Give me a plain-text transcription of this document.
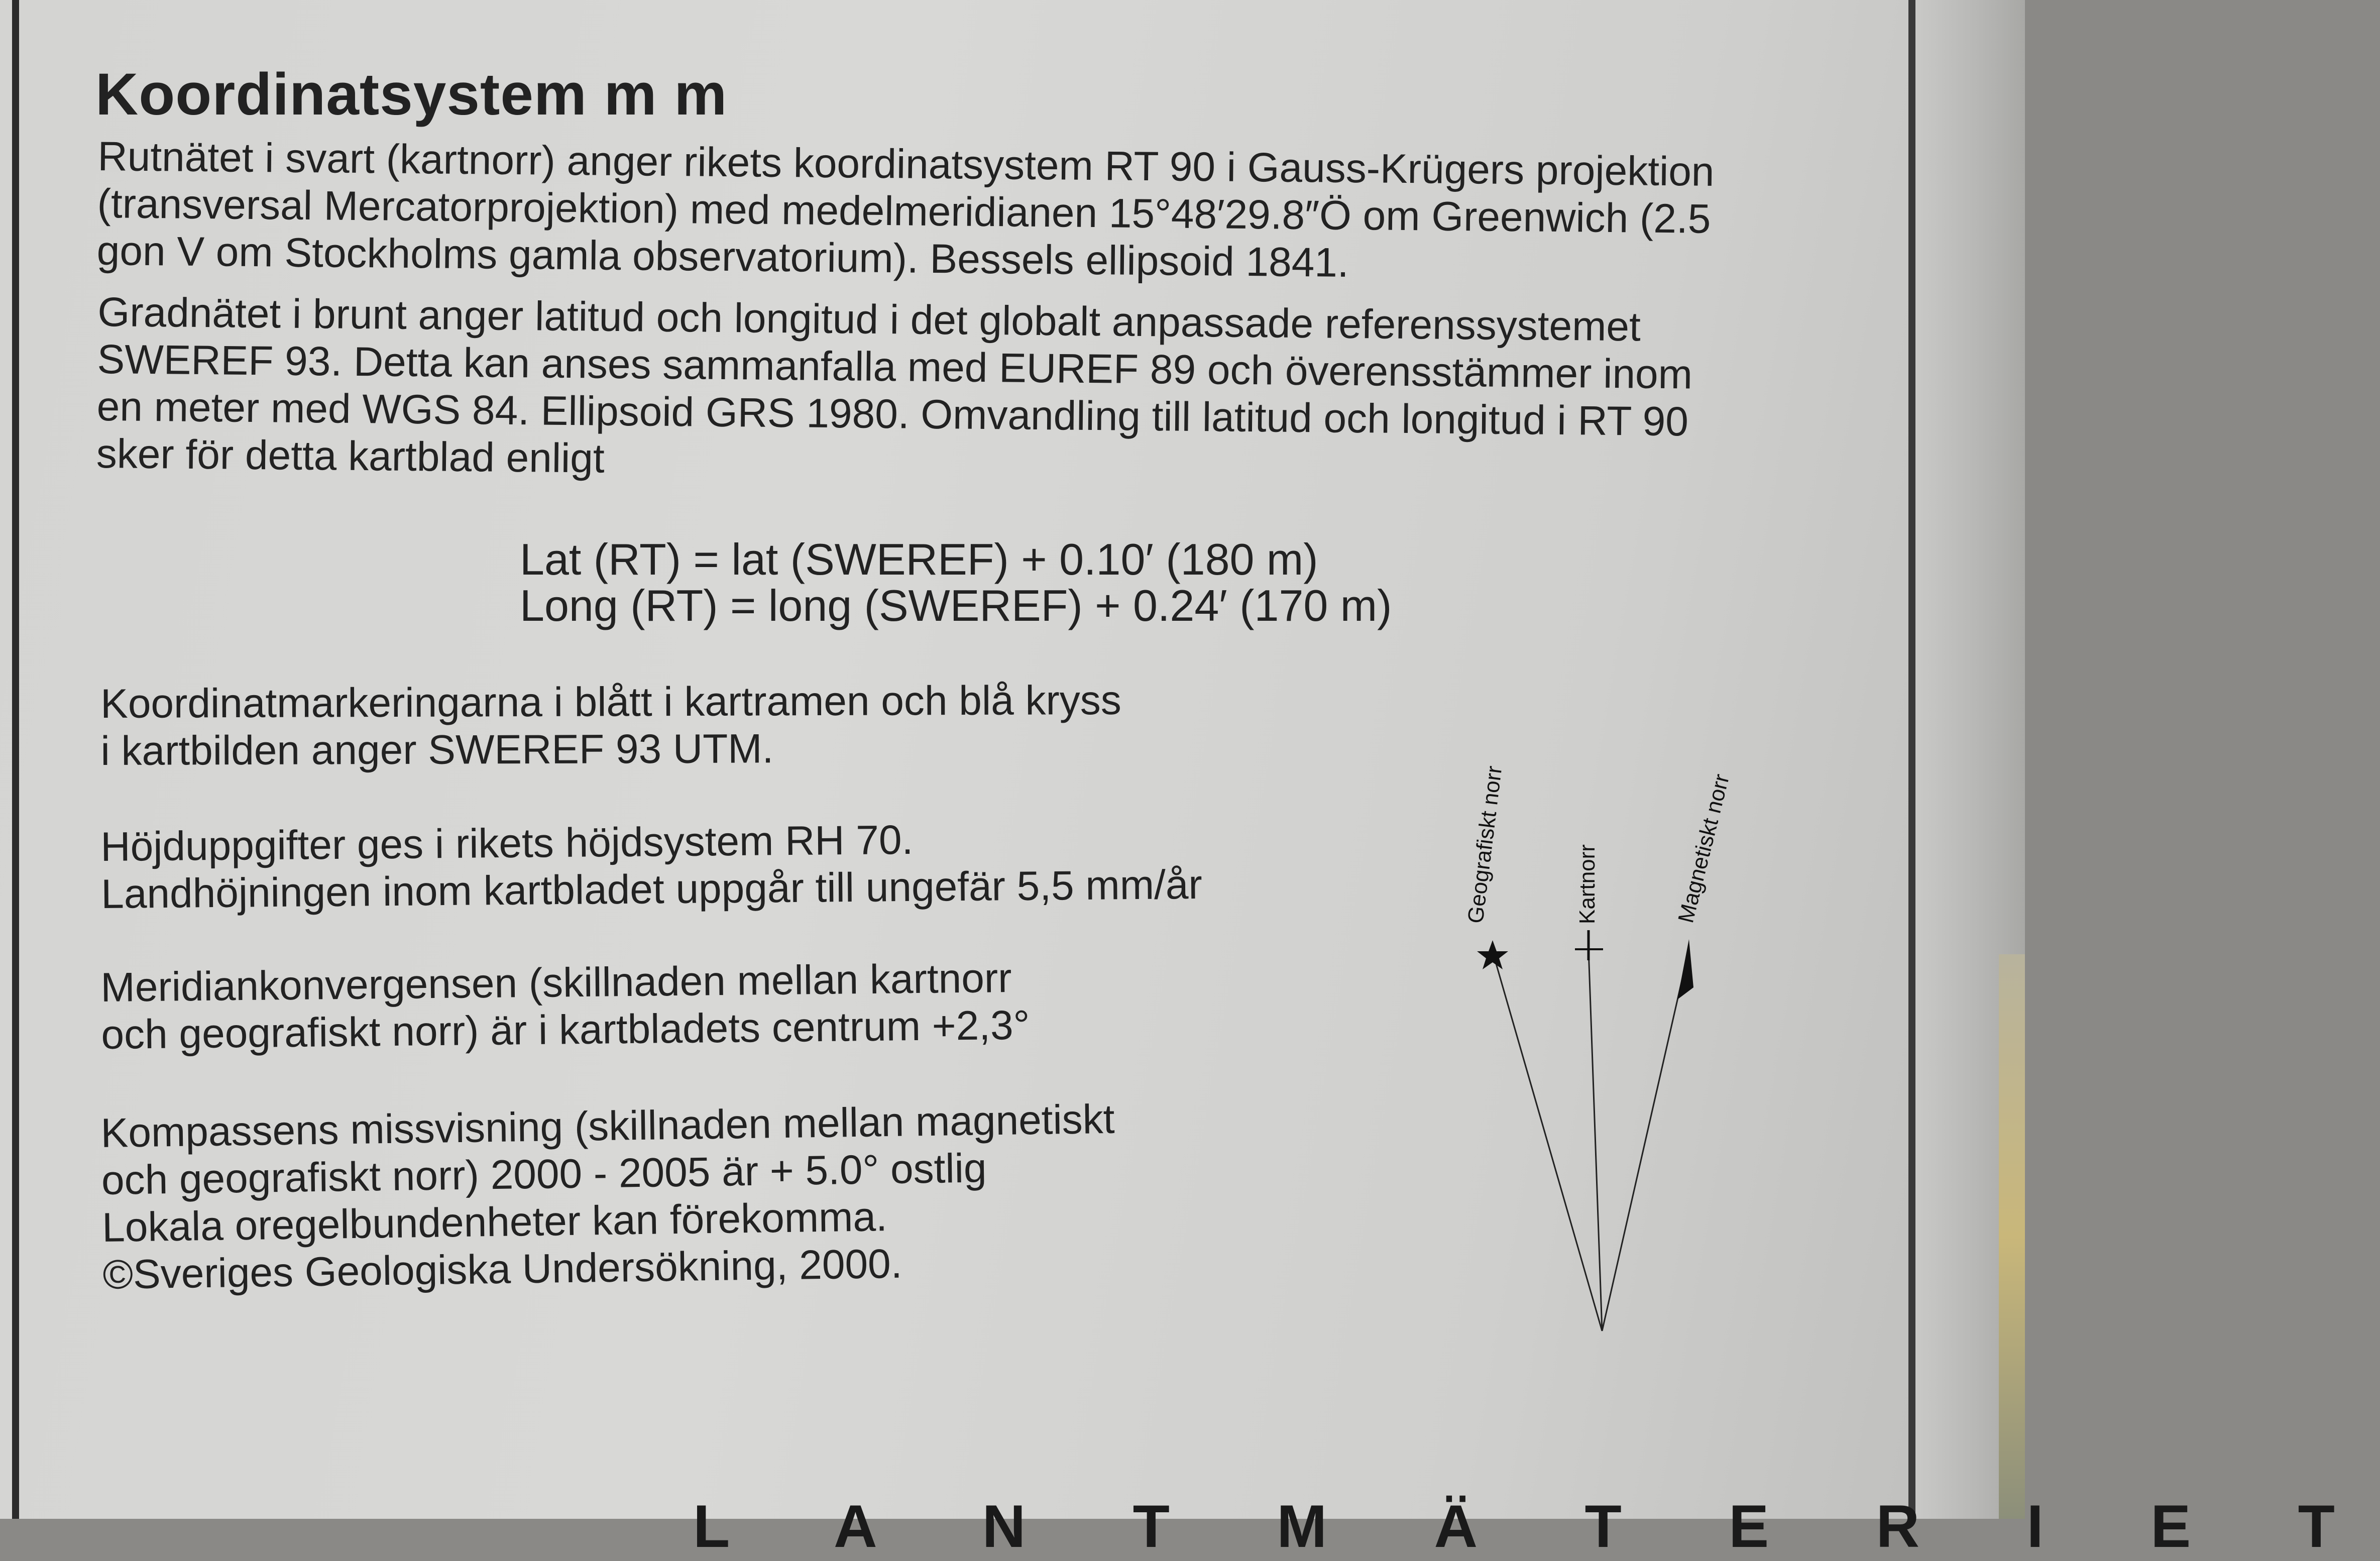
Koordinatsystem m m
Rutnätet i svart (kartnorr) anger rikets koordinatsystem RT 90 i Gauss-Krügers projektion
(transversal Mercatorprojektion) med medelmeridianen 15°48′29.8″Ö om Greenwich (2.5
gon V om Stockholms gamla observatorium). Bessels ellipsoid 1841.
Gradnätet i brunt anger latitud och longitud i det globalt anpassade referenssystemet
SWEREF 93. Detta kan anses sammanfalla med EUREF 89 och överensstämmer inom
en meter med WGS 84. Ellipsoid GRS 1980. Omvandling till latitud och longitud i RT 90
sker för detta kartblad enligt
Lat (RT) = lat (SWEREF) + 0.10′ (180 m)
Long (RT) = long (SWEREF) + 0.24′ (170 m)
Koordinatmarkeringarna i blått i kartramen och blå kryss
i kartbilden anger SWEREF 93 UTM.
Höjduppgifter ges i rikets höjdsystem RH 70.
Landhöjningen inom kartbladet uppgår till ungefär 5,5 mm/år
Meridiankonvergensen (skillnaden mellan kartnorr
och geografiskt norr) är i kartbladets centrum +2,3°
Kompassens missvisning (skillnaden mellan magnetiskt
och geografiskt norr) 2000 - 2005 är + 5.0° ostlig
Lokala oregelbundenheter kan förekomma.
©Sveriges Geologiska Undersökning, 2000.
Geografiskt norr	Kartnorr	Magnetiskt norr
L A N T M Ä T E R I E T
